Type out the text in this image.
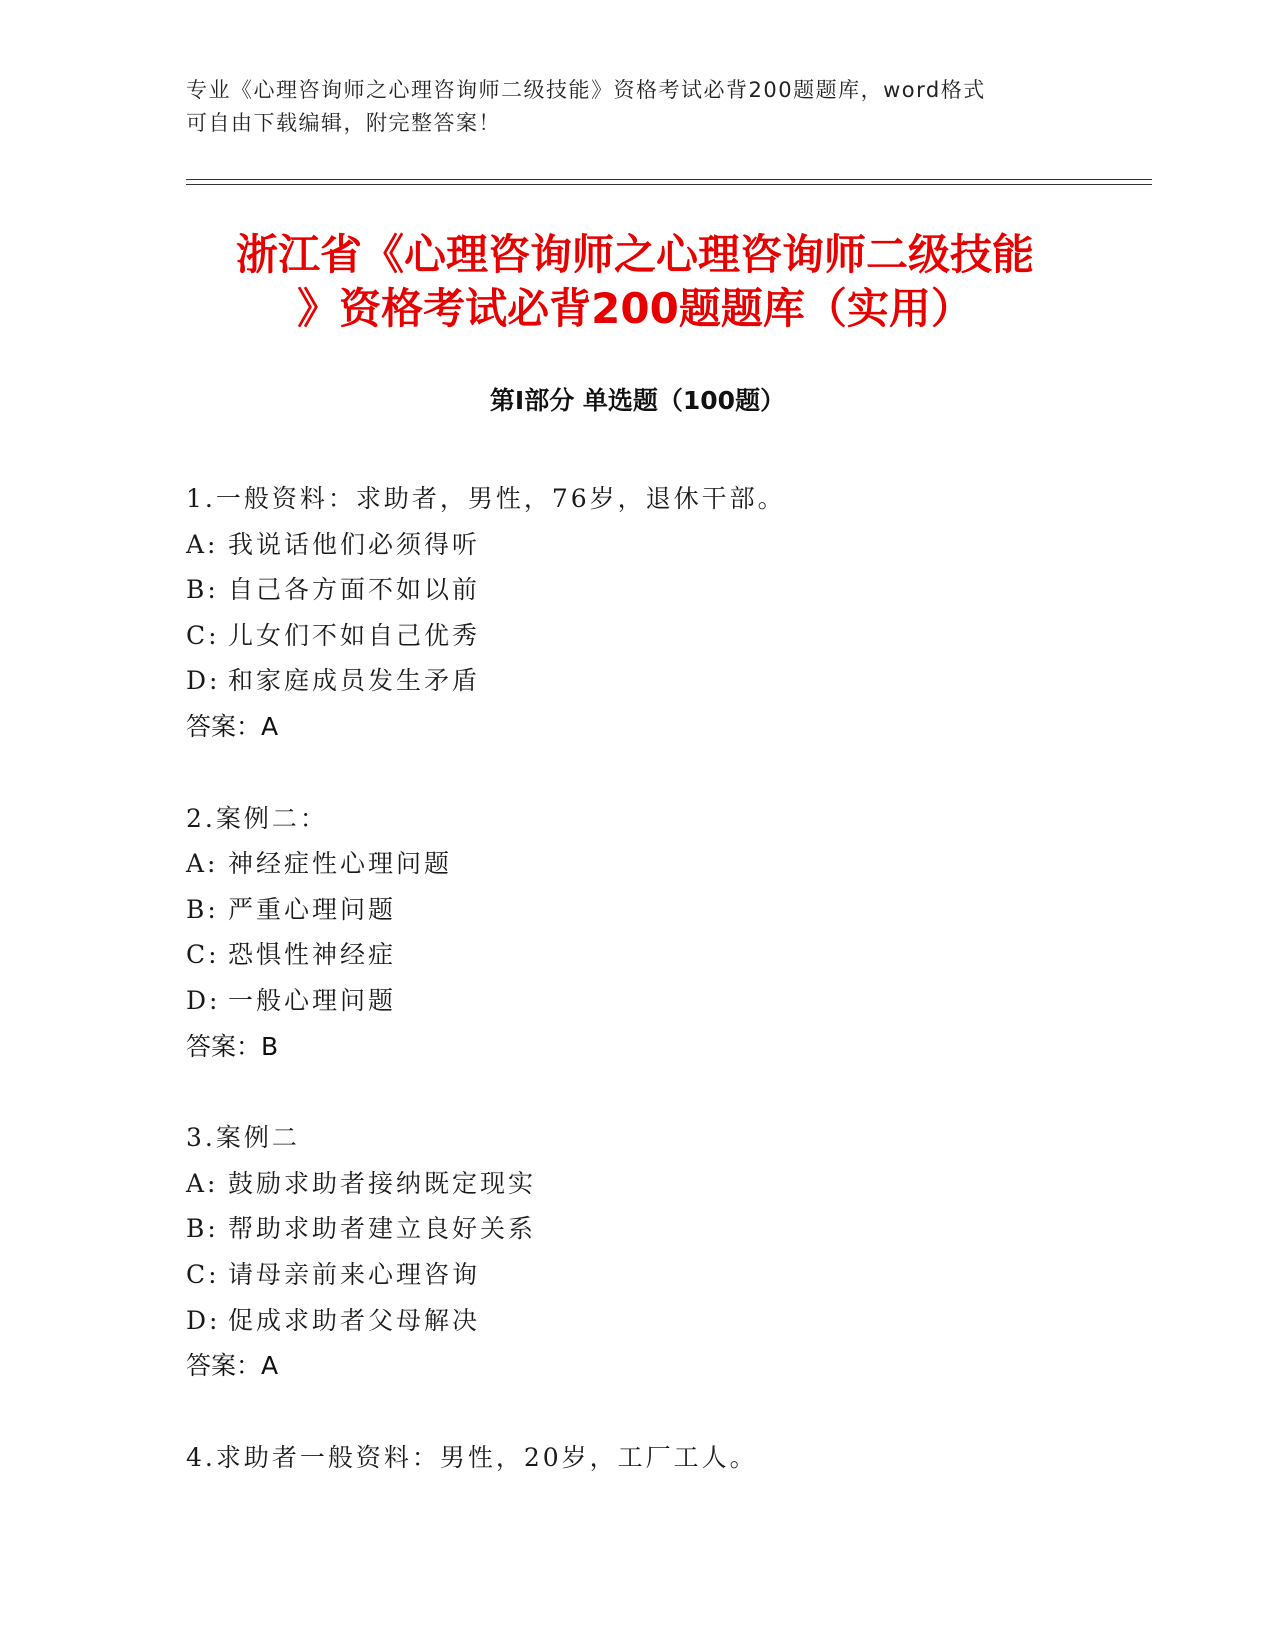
专业《心理咨询师之心理咨询师二级技能》资格考试必背200题题库，word格式
可自由下载编辑，附完整答案！
浙江省《心理咨询师之心理咨询师二级技能
》资格考试必背200题题库（实用）
第I部分 单选题（100题）
1.一般资料：求助者，男性，76岁，退休干部。
A: 我说话他们必须得听
B: 自己各方面不如以前
C: 儿女们不如自己优秀
D: 和家庭成员发生矛盾
答案：A
2.案例二：
A: 神经症性心理问题
B: 严重心理问题
C: 恐惧性神经症
D: 一般心理问题
答案：B
3.案例二
A: 鼓励求助者接纳既定现实
B: 帮助求助者建立良好关系
C: 请母亲前来心理咨询
D: 促成求助者父母解决
答案：A
4.求助者一般资料：男性，20岁，工厂工人。
